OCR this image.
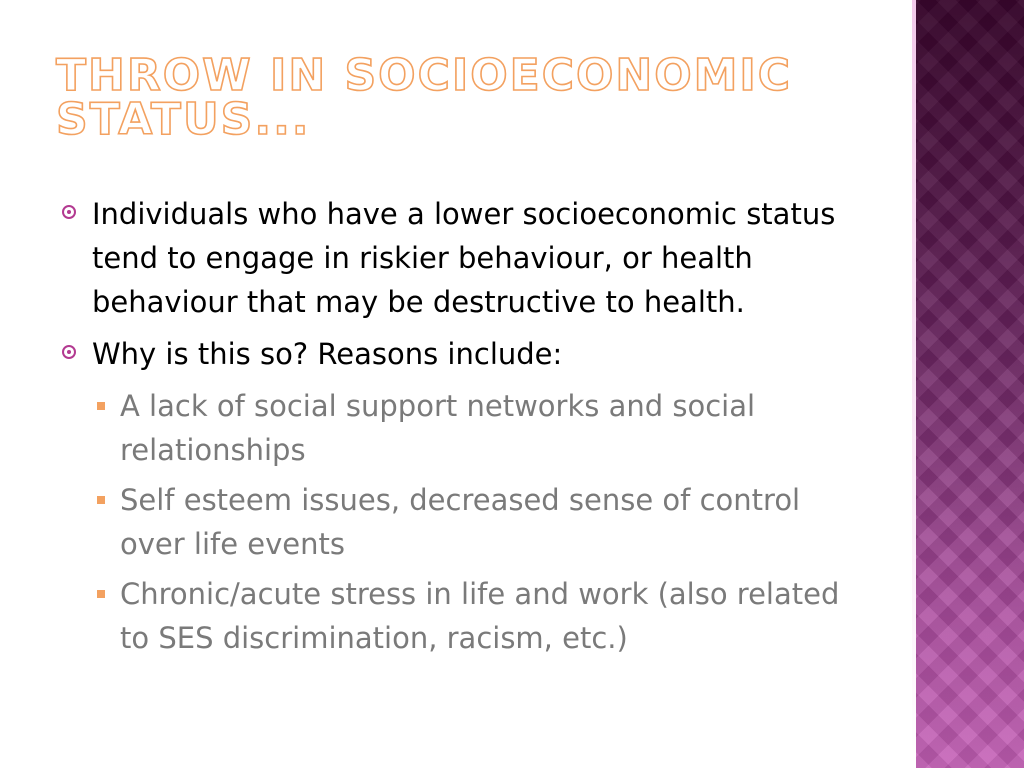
THROW IN SOCIOECONOMIC STATUS...
Individuals who have a lower socioeconomic status tend to engage in riskier behaviour, or health behaviour that may be destructive to health.
Why is this so? Reasons include:
A lack of social support networks and social relationships
Self esteem issues, decreased sense of control over life events
Chronic/acute stress in life and work (also related to SES discrimination, racism, etc.)
